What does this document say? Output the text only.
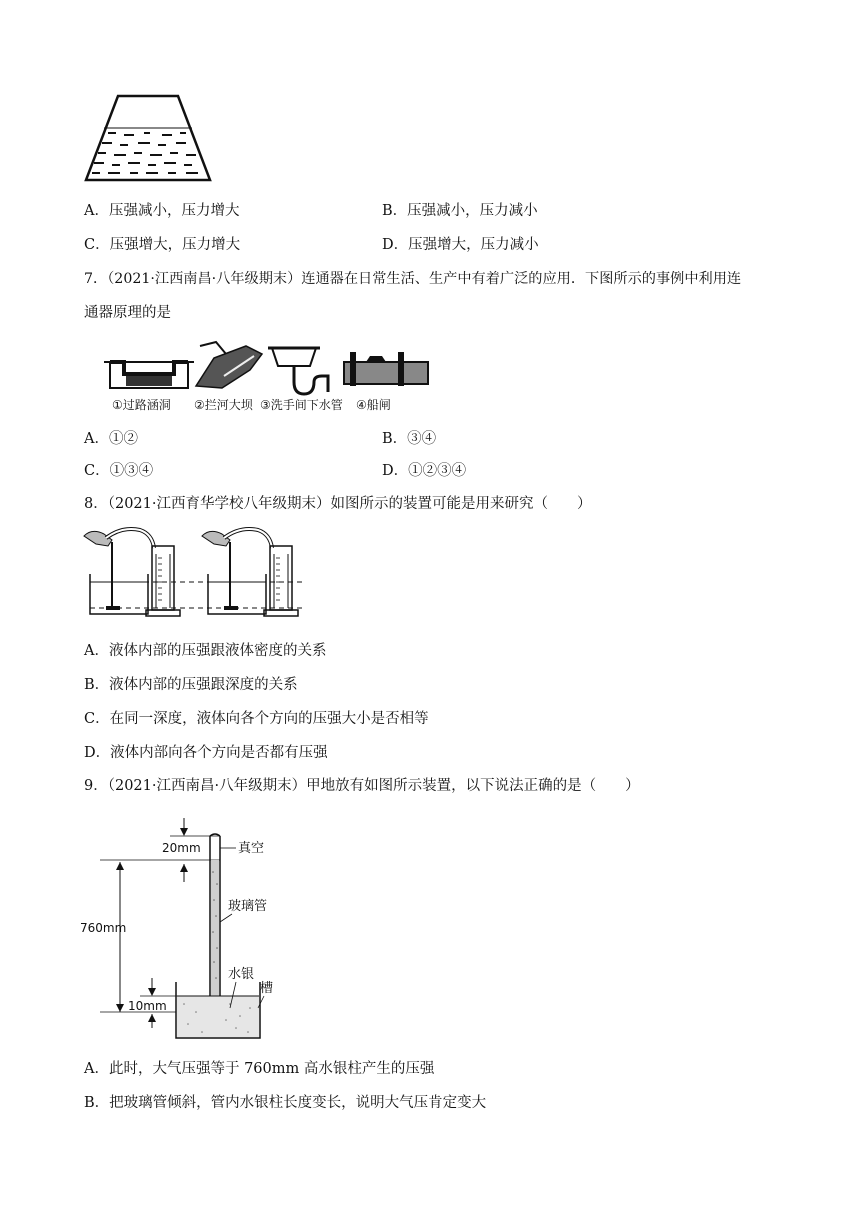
A．压强减小，压力增大	B．压强减小，压力减小
C．压强增大，压力增大	D．压强增大，压力减小
7．（2021·江西南昌·八年级期末）连通器在日常生活、生产中有着广泛的应用．下图所示的事例中利用连
通器原理的是
①过路涵洞 ②拦河大坝 ③洗手间下水管 ④船闸
A．①②	B．③④
C．①③④	D．①②③④
8．（2021·江西育华学校八年级期末）如图所示的装置可能是用来研究（　　）
A．液体内部的压强跟液体密度的关系
B．液体内部的压强跟深度的关系
C．在同一深度，液体向各个方向的压强大小是否相等
D．液体内部向各个方向是否都有压强
9．（2021·江西南昌·八年级期末）甲地放有如图所示装置，以下说法正确的是（　　）
20mm
760mm
10mm
真空
玻璃管
水银
槽
A．此时，大气压强等于 760mm 高水银柱产生的压强
B．把玻璃管倾斜，管内水银柱长度变长，说明大气压肯定变大
